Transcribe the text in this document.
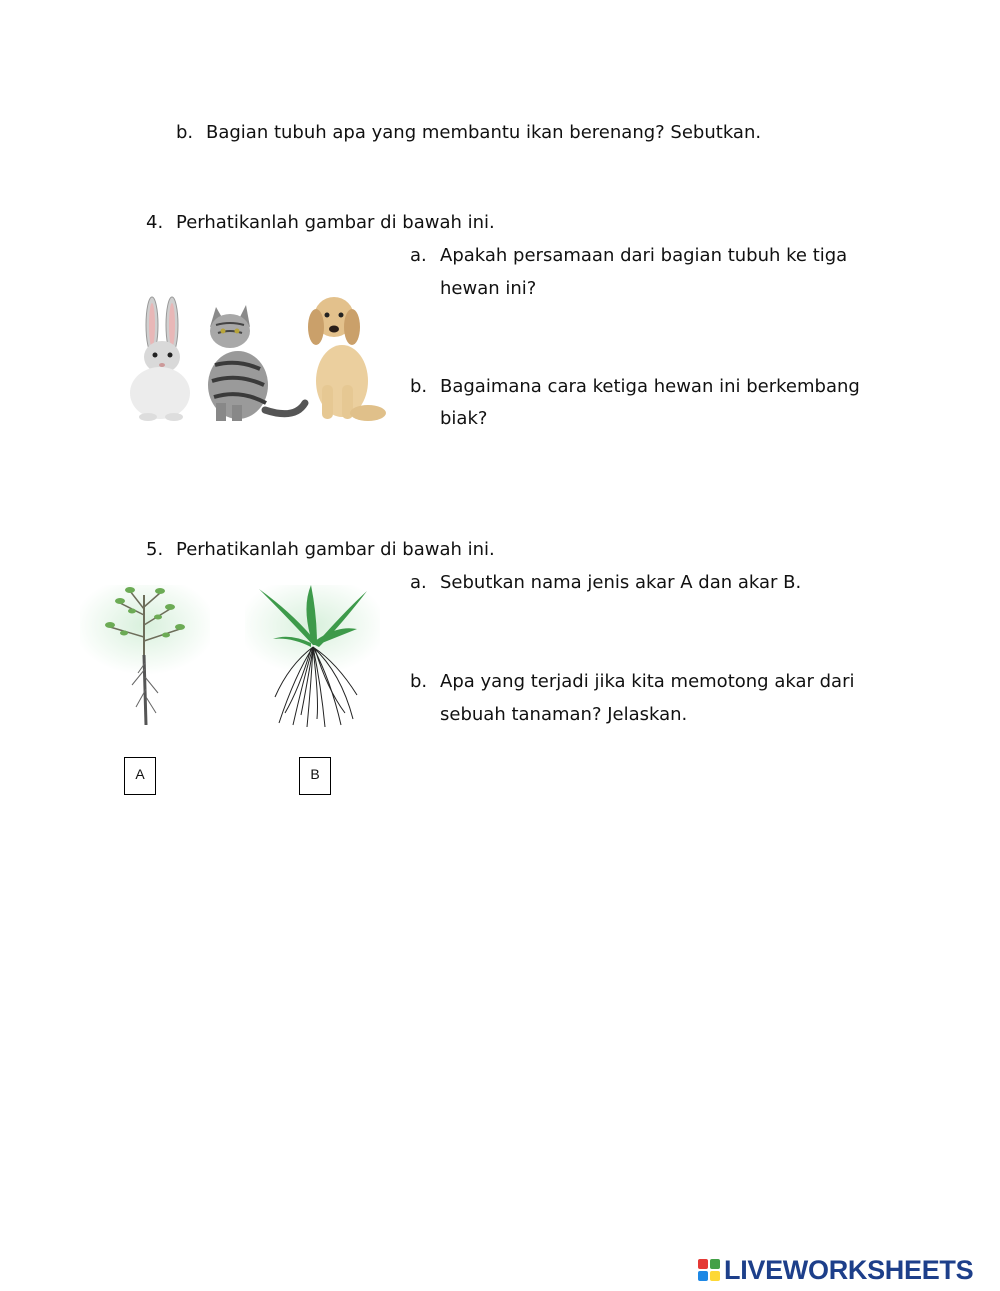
b. Bagian tubuh apa yang membantu ikan berenang? Sebutkan.
4. Perhatikanlah gambar di bawah ini.
a. Apakah persamaan dari bagian tubuh ke tiga
hewan ini?
b. Bagaimana cara ketiga hewan ini berkembang
biak?
5. Perhatikanlah gambar di bawah ini.
a. Sebutkan nama jenis akar A dan akar B.
b. Apa yang terjadi jika kita memotong akar dari
sebuah tanaman? Jelaskan.
A	B
LIVEWORKSHEETS
